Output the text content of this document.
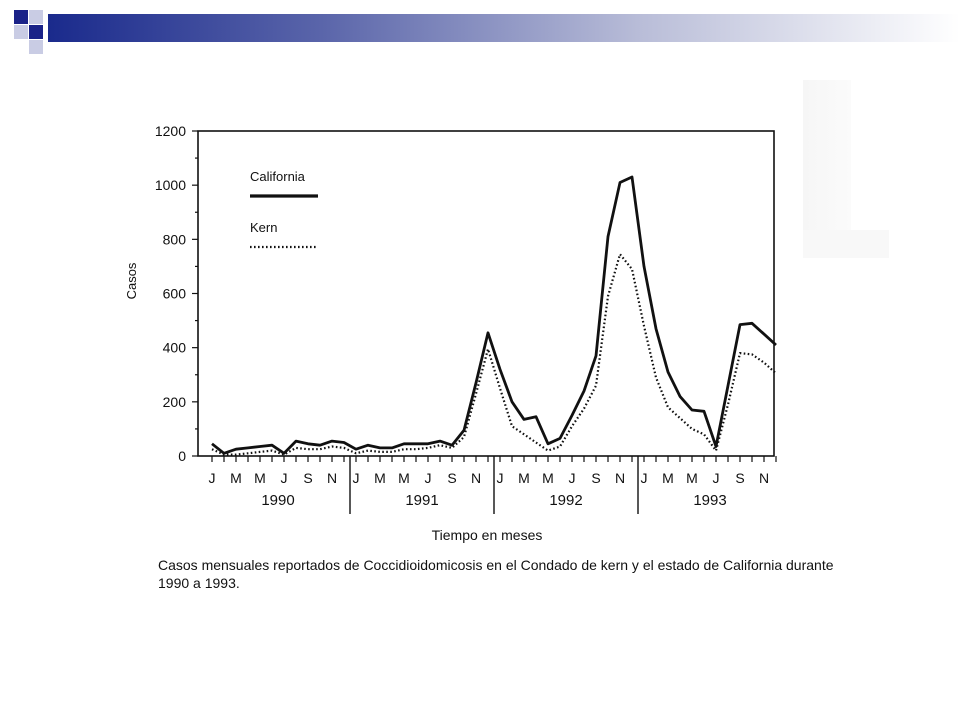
0
200
400
600
800
1000
1200
J M M J S N J M M J S N J M M J S N J M M J S N
1990	1991	1992	1993
California
Kern
Casos
Tiempo en meses
Casos mensuales reportados de Coccidioidomicosis en el Condado de kern y el estado de California durante 1990 a 1993.
